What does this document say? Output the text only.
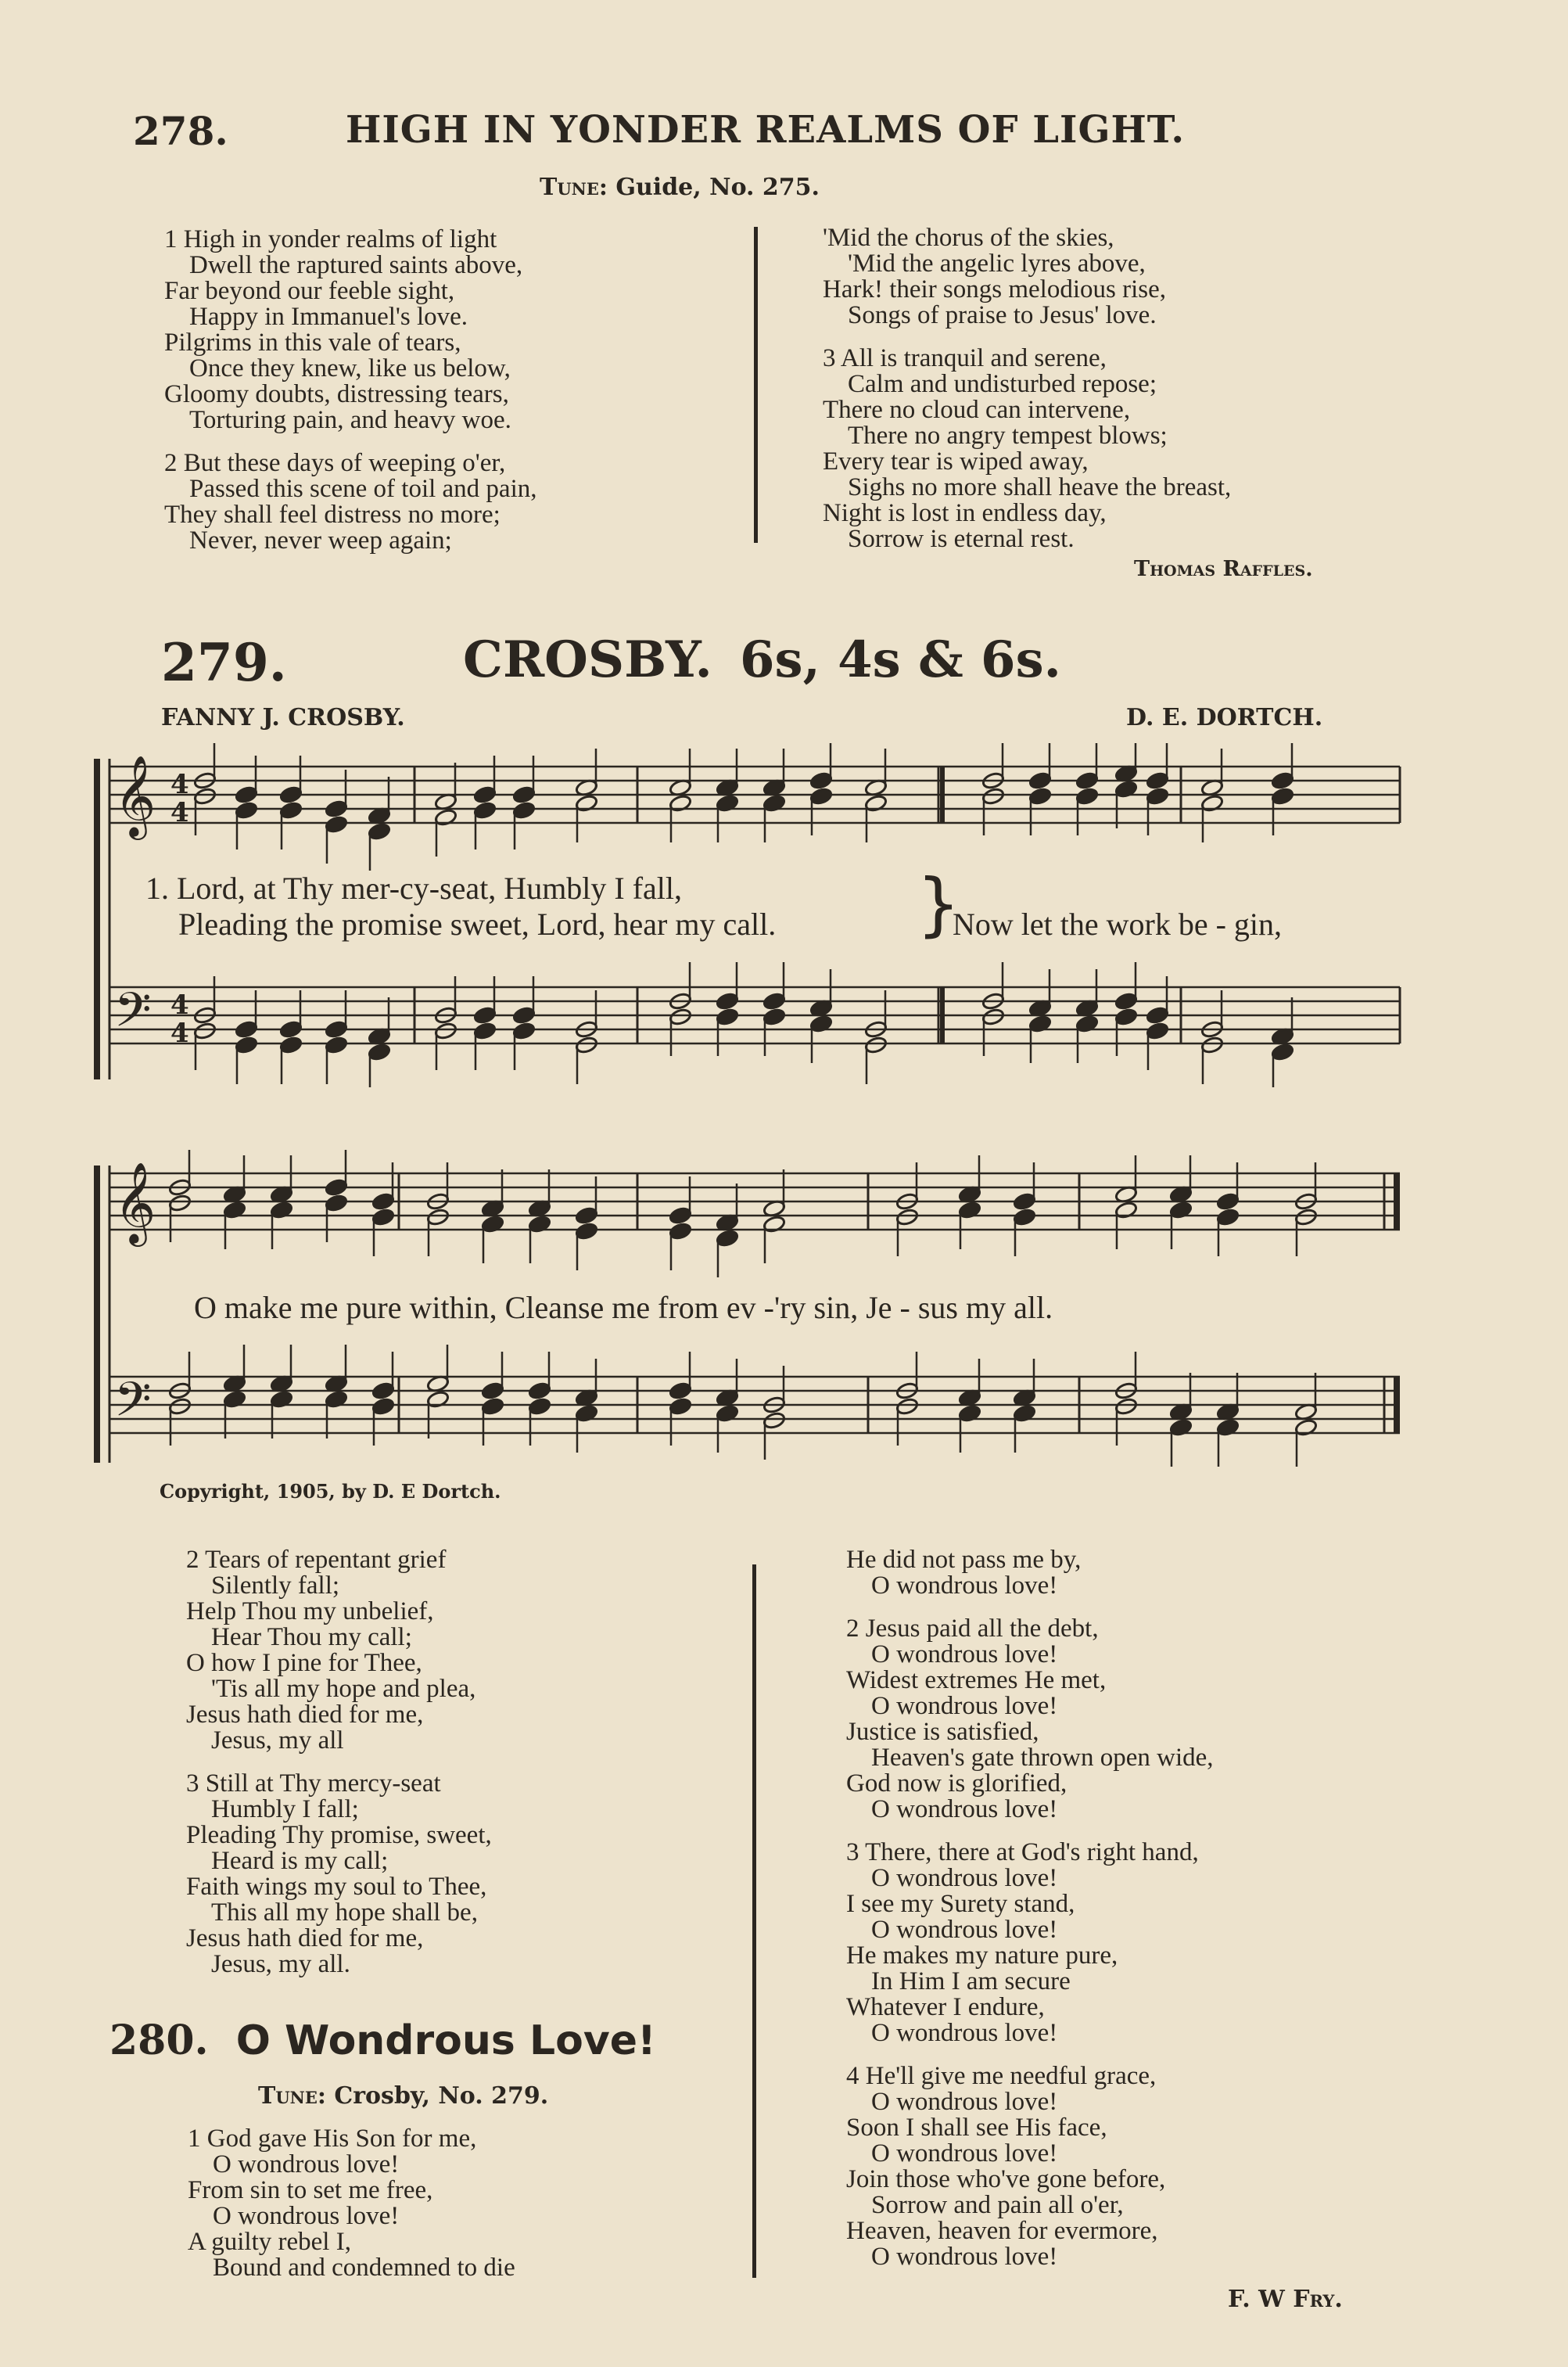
278.	HIGH IN YONDER REALMS OF LIGHT.
Tune: Guide, No. 275.
1 High in yonder realms of light
Dwell the raptured saints above,
Far beyond our feeble sight,
Happy in Immanuel's love.
Pilgrims in this vale of tears,
Once they knew, like us below,
Gloomy doubts, distressing tears,
Torturing pain, and heavy woe.
2 But these days of weeping o'er,
Passed this scene of toil and pain,
They shall feel distress no more;
Never, never weep again;
'Mid the chorus of the skies,
'Mid the angelic lyres above,
Hark! their songs melodious rise,
Songs of praise to Jesus' love.
3 All is tranquil and serene,
Calm and undisturbed repose;
There no cloud can intervene,
There no angry tempest blows;
Every tear is wiped away,
Sighs no more shall heave the breast,
Night is lost in endless day,
Sorrow is eternal rest.
Thomas Raffles.
279.	CROSBY. 6s, 4s & 6s.
FANNY J. CROSBY.	D. E. DORTCH.
𝄞
𝄢
4
4
4
4
1. Lord, at Thy mer-cy-seat, Humbly I fall,
Pleading the promise sweet, Lord, hear my call. }
Now let the work be - gin,
𝄞
𝄢
O make me pure within, Cleanse me from ev -'ry sin, Je - sus my all.
Copyright, 1905, by D. E Dortch.
2 Tears of repentant grief
Silently fall;
Help Thou my unbelief,
Hear Thou my call;
O how I pine for Thee,
'Tis all my hope and plea,
Jesus hath died for me,
Jesus, my all
3 Still at Thy mercy-seat
Humbly I fall;
Pleading Thy promise, sweet,
Heard is my call;
Faith wings my soul to Thee,
This all my hope shall be,
Jesus hath died for me,
Jesus, my all.
280. O Wondrous Love!
Tune: Crosby, No. 279.
1 God gave His Son for me,
O wondrous love!
From sin to set me free,
O wondrous love!
A guilty rebel I,
Bound and condemned to die
He did not pass me by,
O wondrous love!
2 Jesus paid all the debt,
O wondrous love!
Widest extremes He met,
O wondrous love!
Justice is satisfied,
Heaven's gate thrown open wide,
God now is glorified,
O wondrous love!
3 There, there at God's right hand,
O wondrous love!
I see my Surety stand,
O wondrous love!
He makes my nature pure,
In Him I am secure
Whatever I endure,
O wondrous love!
4 He'll give me needful grace,
O wondrous love!
Soon I shall see His face,
O wondrous love!
Join those who've gone before,
Sorrow and pain all o'er,
Heaven, heaven for evermore,
O wondrous love!
F. W Fry.
